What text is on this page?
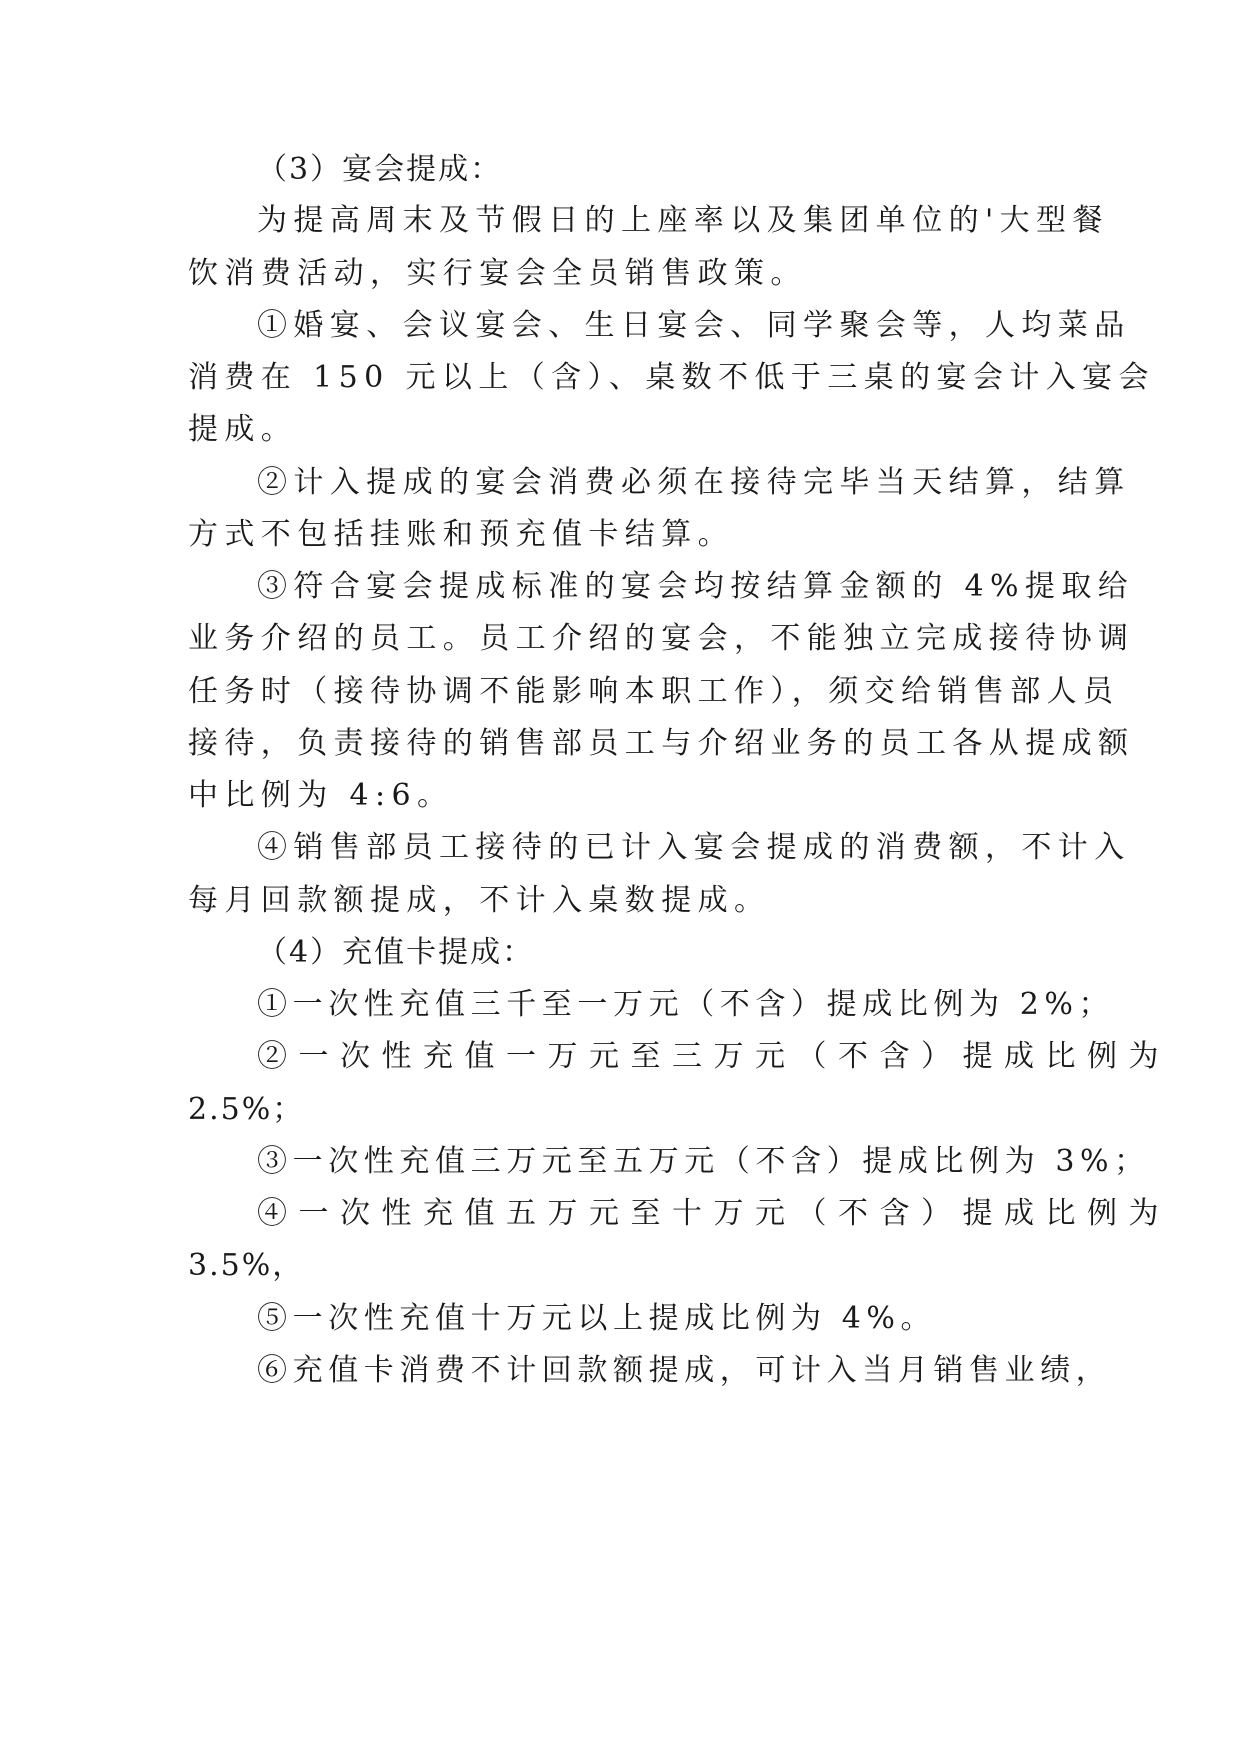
（3）宴会提成：
为提高周末及节假日的上座率以及集团单位的'大型餐
饮消费活动，实行宴会全员销售政策。
①婚宴、会议宴会、生日宴会、同学聚会等，人均菜品
消费在 150 元以上（含）、桌数不低于三桌的宴会计入宴会
提成。
②计入提成的宴会消费必须在接待完毕当天结算，结算
方式不包括挂账和预充值卡结算。
③符合宴会提成标准的宴会均按结算金额的 4%提取给
业务介绍的员工。员工介绍的宴会，不能独立完成接待协调
任务时（接待协调不能影响本职工作），须交给销售部人员
接待，负责接待的销售部员工与介绍业务的员工各从提成额
中比例为 4:6。
④销售部员工接待的已计入宴会提成的消费额，不计入
每月回款额提成，不计入桌数提成。
（4）充值卡提成：
①一次性充值三千至一万元（不含）提成比例为 2%；
②一次性充值一万元至三万元（不含）提成比例为
2.5%；
③一次性充值三万元至五万元（不含）提成比例为 3%；
④一次性充值五万元至十万元（不含）提成比例为
3.5%，
⑤一次性充值十万元以上提成比例为 4%。
⑥充值卡消费不计回款额提成，可计入当月销售业绩，
